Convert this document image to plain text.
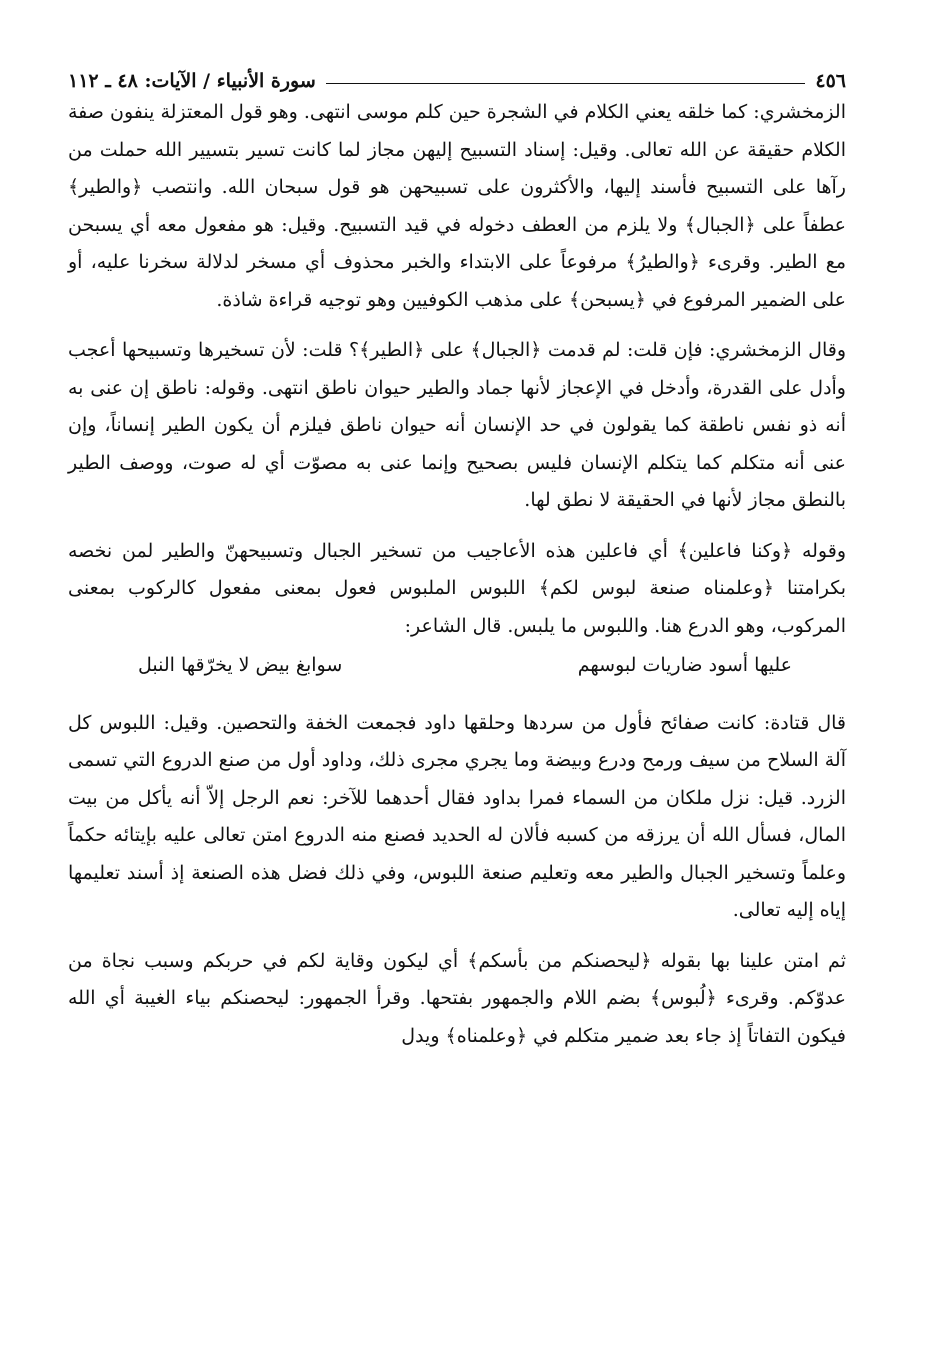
٤٥٦
سورة الأنبياء / الآيات: ٤٨ ـ ١١٢

الزمخشري: كما خلقه يعني الكلام في الشجرة حين كلم موسى انتهى. وهو قول المعتزلة ينفون صفة الكلام حقيقة عن الله تعالى. وقيل: إسناد التسبيح إليهن مجاز لما كانت تسير بتسيير الله حملت من رآها على التسبيح فأسند إليها، والأكثرون على تسبيحهن هو قول سبحان الله. وانتصب ﴿والطير﴾ عطفاً على ﴿الجبال﴾ ولا يلزم من العطف دخوله في قيد التسبيح. وقيل: هو مفعول معه أي يسبحن مع الطير. وقرىء ﴿والطيرُ﴾ مرفوعاً على الابتداء والخبر محذوف أي مسخر لدلالة سخرنا عليه، أو على الضمير المرفوع في ﴿يسبحن﴾ على مذهب الكوفيين وهو توجيه قراءة شاذة.

وقال الزمخشري: فإن قلت: لم قدمت ﴿الجبال﴾ على ﴿الطير﴾؟ قلت: لأن تسخيرها وتسبيحها أعجب وأدل على القدرة، وأدخل في الإعجاز لأنها جماد والطير حيوان ناطق انتهى. وقوله: ناطق إن عنى به أنه ذو نفس ناطقة كما يقولون في حد الإنسان أنه حيوان ناطق فيلزم أن يكون الطير إنساناً، وإن عنى أنه متكلم كما يتكلم الإنسان فليس بصحيح وإنما عنى به مصوّت أي له صوت، ووصف الطير بالنطق مجاز لأنها في الحقيقة لا نطق لها.

وقوله ﴿وكنا فاعلين﴾ أي فاعلين هذه الأعاجيب من تسخير الجبال وتسبيحهنّ والطير لمن نخصه بكرامتنا ﴿وعلمناه صنعة لبوس لكم﴾ اللبوس الملبوس فعول بمعنى مفعول كالركوب بمعنى المركوب، وهو الدرع هنا. واللبوس ما يلبس. قال الشاعر:

عليها أسود ضاريات لبوسهم
سوابغ بيض لا يخرّقها النبل

قال قتادة: كانت صفائح فأول من سردها وحلقها داود فجمعت الخفة والتحصين. وقيل: اللبوس كل آلة السلاح من سيف ورمح ودرع وبيضة وما يجري مجرى ذلك، وداود أول من صنع الدروع التي تسمى الزرد. قيل: نزل ملكان من السماء فمرا بداود فقال أحدهما للآخر: نعم الرجل إلاّ أنه يأكل من بيت المال، فسأل الله أن يرزقه من كسبه فألان له الحديد فصنع منه الدروع امتن تعالى عليه بإيتائه حكماً وعلماً وتسخير الجبال والطير معه وتعليم صنعة اللبوس، وفي ذلك فضل هذه الصنعة إذ أسند تعليمها إياه إليه تعالى.

ثم امتن علينا بها بقوله ﴿ليحصنكم من بأسكم﴾ أي ليكون وقاية لكم في حربكم وسبب نجاة من عدوّكم. وقرىء ﴿لُبوس﴾ بضم اللام والجمهور بفتحها. وقرأ الجمهور: ليحصنكم بياء الغيبة أي الله فيكون التفاتاً إذ جاء بعد ضمير متكلم في ﴿وعلمناه﴾ ويدل
